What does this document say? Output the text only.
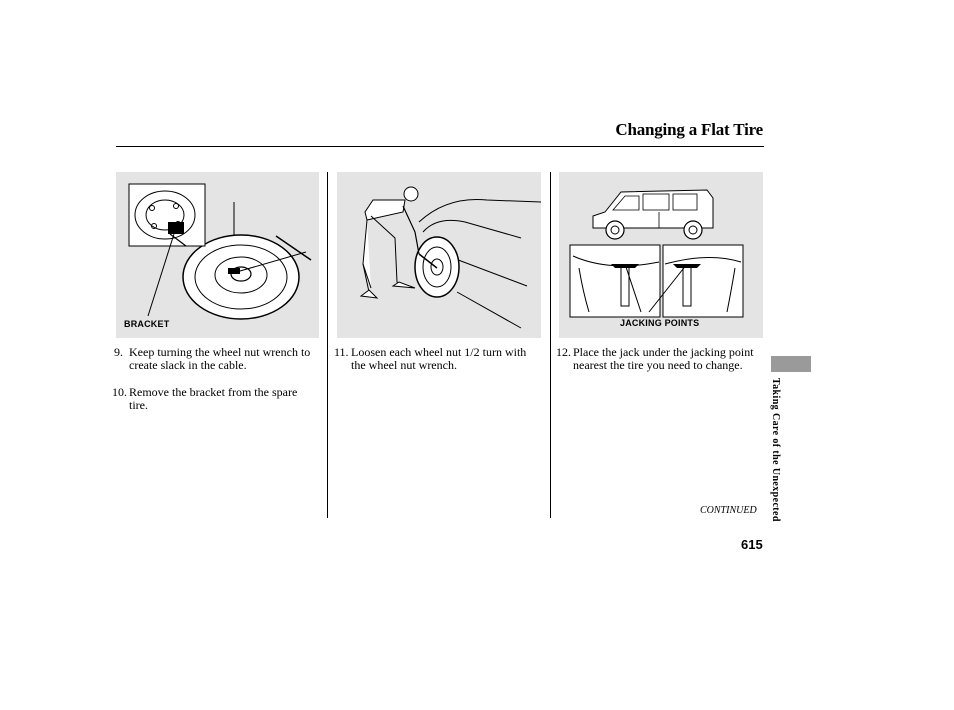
Changing a Flat Tire
BRACKET	JACKING POINTS
9. Keep turning the wheel nut wrench to create slack in the cable.
10. Remove the bracket from the spare tire.
11. Loosen each wheel nut 1/2 turn with the wheel nut wrench.
12. Place the jack under the jacking point nearest the tire you need to change.
CONTINUED
615
Taking Care of the Unexpected
